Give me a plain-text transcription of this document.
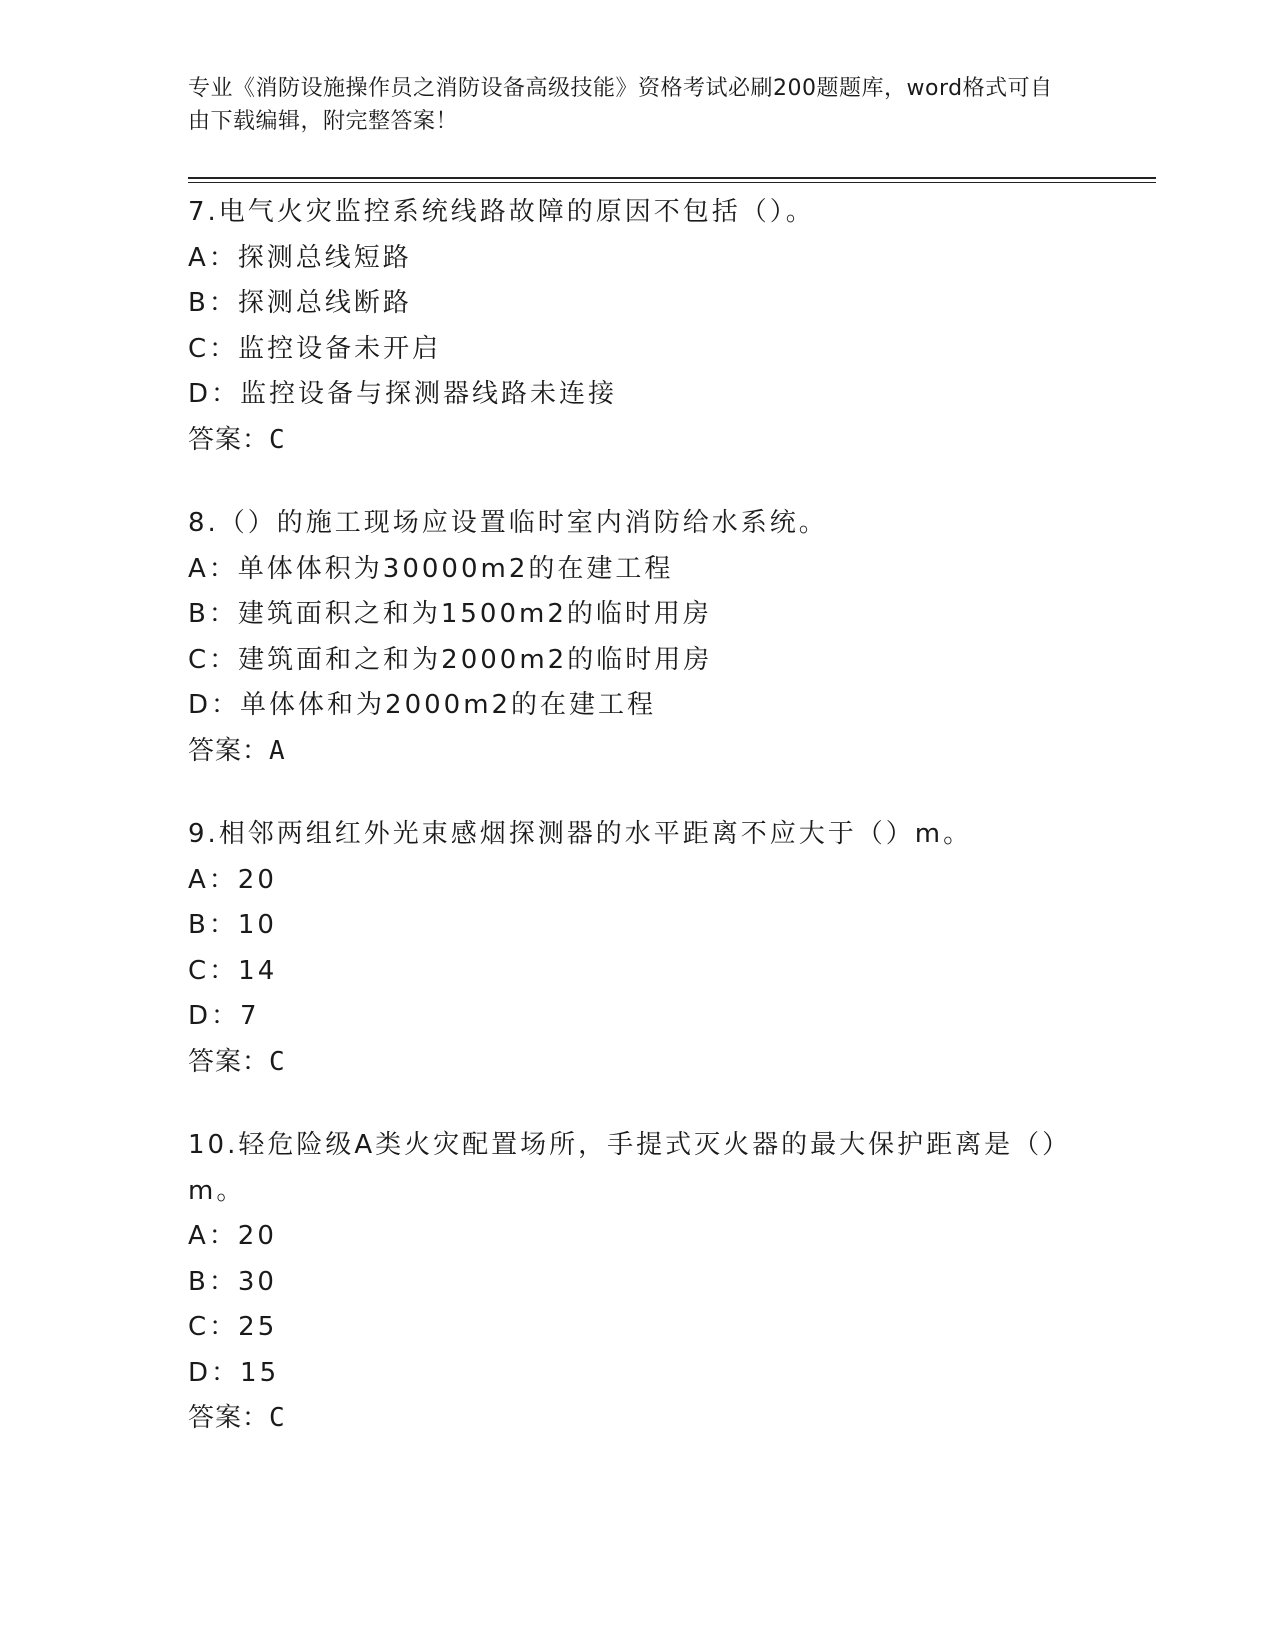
专业《消防设施操作员之消防设备高级技能》资格考试必刷200题题库，word格式可自由下载编辑，附完整答案！
7.电气火灾监控系统线路故障的原因不包括（）。
A：探测总线短路
B：探测总线断路
C：监控设备未开启
D：监控设备与探测器线路未连接
答案：C
8.（）的施工现场应设置临时室内消防给水系统。
A：单体体积为30000m2的在建工程
B：建筑面积之和为1500m2的临时用房
C：建筑面和之和为2000m2的临时用房
D：单体体和为2000m2的在建工程
答案：A
9.相邻两组红外光束感烟探测器的水平距离不应大于（）m。
A：20
B：10
C：14
D：7
答案：C
10.轻危险级A类火灾配置场所，手提式灭火器的最大保护距离是（）m。
A：20
B：30
C：25
D：15
答案：C
